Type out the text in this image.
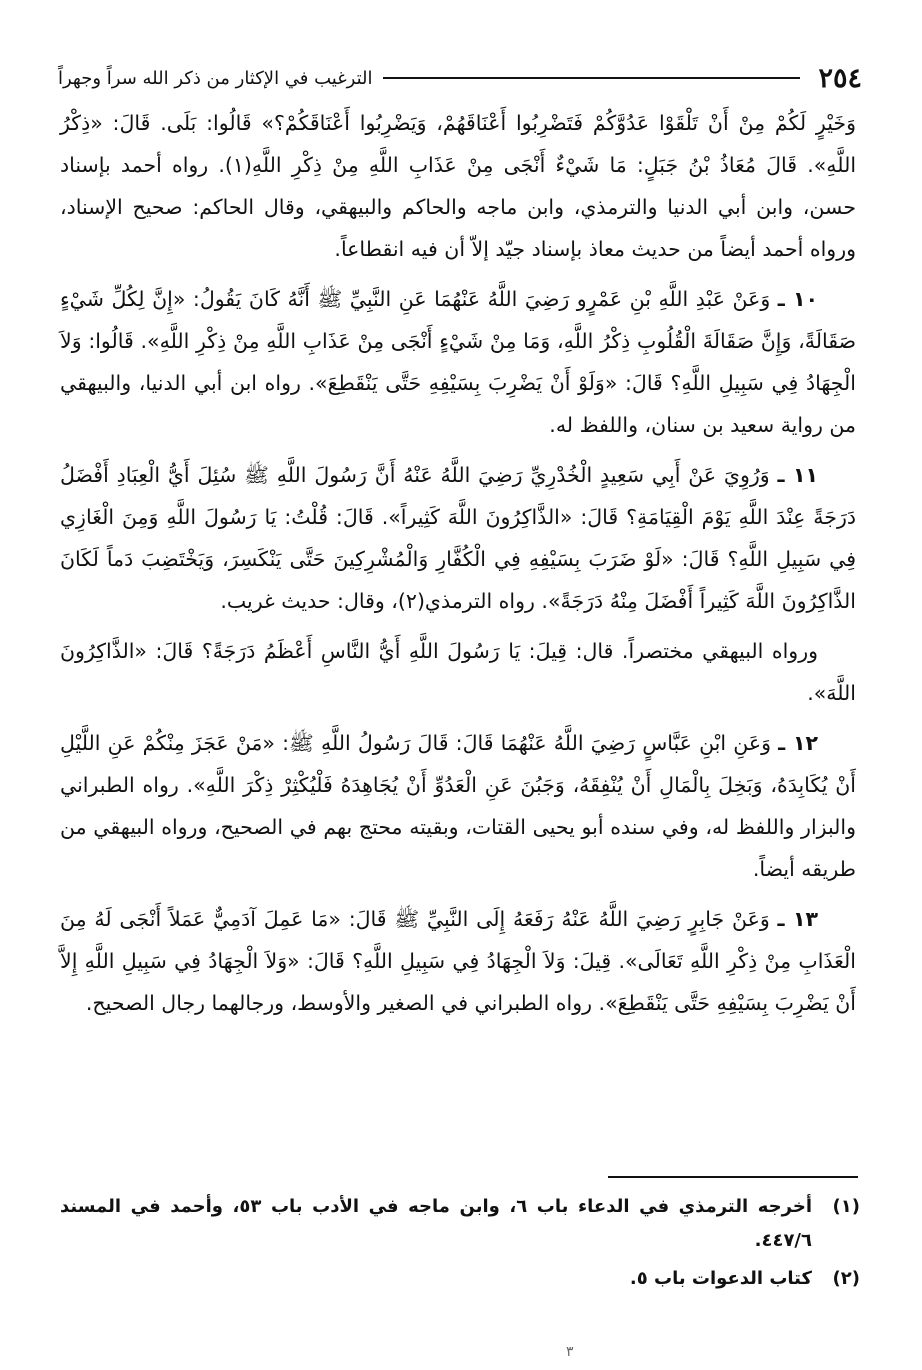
٢٥٤
الترغيب في الإكثار من ذكر الله سراً وجهراً

وَخَيْرٍ لَكُمْ مِنْ أَنْ تَلْقَوْا عَدُوَّكُمْ فَتَضْرِبُوا أَعْنَاقَهُمْ، وَيَضْرِبُوا أَعْنَاقَكُمْ؟» قَالُوا: بَلَى. قَالَ: «ذِكْرُ اللَّهِ». قَالَ مُعَاذُ بْنُ جَبَلٍ: مَا شَيْءٌ أَنْجَى مِنْ عَذَابِ اللَّهِ مِنْ ذِكْرِ اللَّهِ(١). رواه أحمد بإسناد حسن، وابن أبي الدنيا والترمذي، وابن ماجه والحاكم والبيهقي، وقال الحاكم: صحيح الإسناد، ورواه أحمد أيضاً من حديث معاذ بإسناد جيّد إلاّ أن فيه انقطاعاً.

١٠ ـ وَعَنْ عَبْدِ اللَّهِ بْنِ عَمْرٍو رَضِيَ اللَّهُ عَنْهُمَا عَنِ النَّبِيِّ ﷺ أَنَّهُ كَانَ يَقُولُ: «إِنَّ لِكُلِّ شَيْءٍ صَقَالَةً، وَإِنَّ صَقَالَةَ الْقُلُوبِ ذِكْرُ اللَّهِ، وَمَا مِنْ شَيْءٍ أَنْجَى مِنْ عَذَابِ اللَّهِ مِنْ ذِكْرِ اللَّهِ». قَالُوا: وَلاَ الْجِهَادُ فِي سَبِيلِ اللَّهِ؟ قَالَ: «وَلَوْ أَنْ يَضْرِبَ بِسَيْفِهِ حَتَّى يَنْقَطِعَ». رواه ابن أبي الدنيا، والبيهقي من رواية سعيد بن سنان، واللفظ له.

١١ ـ وَرُوِيَ عَنْ أَبِي سَعِيدٍ الْخُدْرِيِّ رَضِيَ اللَّهُ عَنْهُ أَنَّ رَسُولَ اللَّهِ ﷺ سُئِلَ أَيُّ الْعِبَادِ أَفْضَلُ دَرَجَةً عِنْدَ اللَّهِ يَوْمَ الْقِيَامَةِ؟ قَالَ: «الذَّاكِرُونَ اللَّهَ كَثِيراً». قَالَ: قُلْتُ: يَا رَسُولَ اللَّهِ وَمِنَ الْغَازِي فِي سَبِيلِ اللَّهِ؟ قَالَ: «لَوْ ضَرَبَ بِسَيْفِهِ فِي الْكُفَّارِ وَالْمُشْرِكِينَ حَتَّى يَنْكَسِرَ، وَيَخْتَضِبَ دَماً لَكَانَ الذَّاكِرُونَ اللَّهَ كَثِيراً أَفْضَلَ مِنْهُ دَرَجَةً». رواه الترمذي(٢)، وقال: حديث غريب.

ورواه البيهقي مختصراً. قال: قِيلَ: يَا رَسُولَ اللَّهِ أَيُّ النَّاسِ أَعْظَمُ دَرَجَةً؟ قَالَ: «الذَّاكِرُونَ اللَّهَ».

١٢ ـ وَعَنِ ابْنِ عَبَّاسٍ رَضِيَ اللَّهُ عَنْهُمَا قَالَ: قَالَ رَسُولُ اللَّهِ ﷺ: «مَنْ عَجَزَ مِنْكُمْ عَنِ اللَّيْلِ أَنْ يُكَابِدَهُ، وَبَخِلَ بِالْمَالِ أَنْ يُنْفِقَهُ، وَجَبُنَ عَنِ الْعَدُوِّ أَنْ يُجَاهِدَهُ فَلْيُكْثِرْ ذِكْرَ اللَّهِ». رواه الطبراني والبزار واللفظ له، وفي سنده أبو يحيى القتات، وبقيته محتج بهم في الصحيح، ورواه البيهقي من طريقه أيضاً.

١٣ ـ وَعَنْ جَابِرٍ رَضِيَ اللَّهُ عَنْهُ رَفَعَهُ إِلَى النَّبِيِّ ﷺ قَالَ: «مَا عَمِلَ آدَمِيٌّ عَمَلاً أَنْجَى لَهُ مِنَ الْعَذَابِ مِنْ ذِكْرِ اللَّهِ تَعَالَى». قِيلَ: وَلاَ الْجِهَادُ فِي سَبِيلِ اللَّهِ؟ قَالَ: «وَلاَ الْجِهَادُ فِي سَبِيلِ اللَّهِ إِلاَّ أَنْ يَضْرِبَ بِسَيْفِهِ حَتَّى يَنْقَطِعَ». رواه الطبراني في الصغير والأوسط، ورجالهما رجال الصحيح.

(١)
أخرجه الترمذي في الدعاء باب ٦، وابن ماجه في الأدب باب ٥٣، وأحمد في المسند ٤٤٧/٦.
(٢)
كتاب الدعوات باب ٥.
٣
